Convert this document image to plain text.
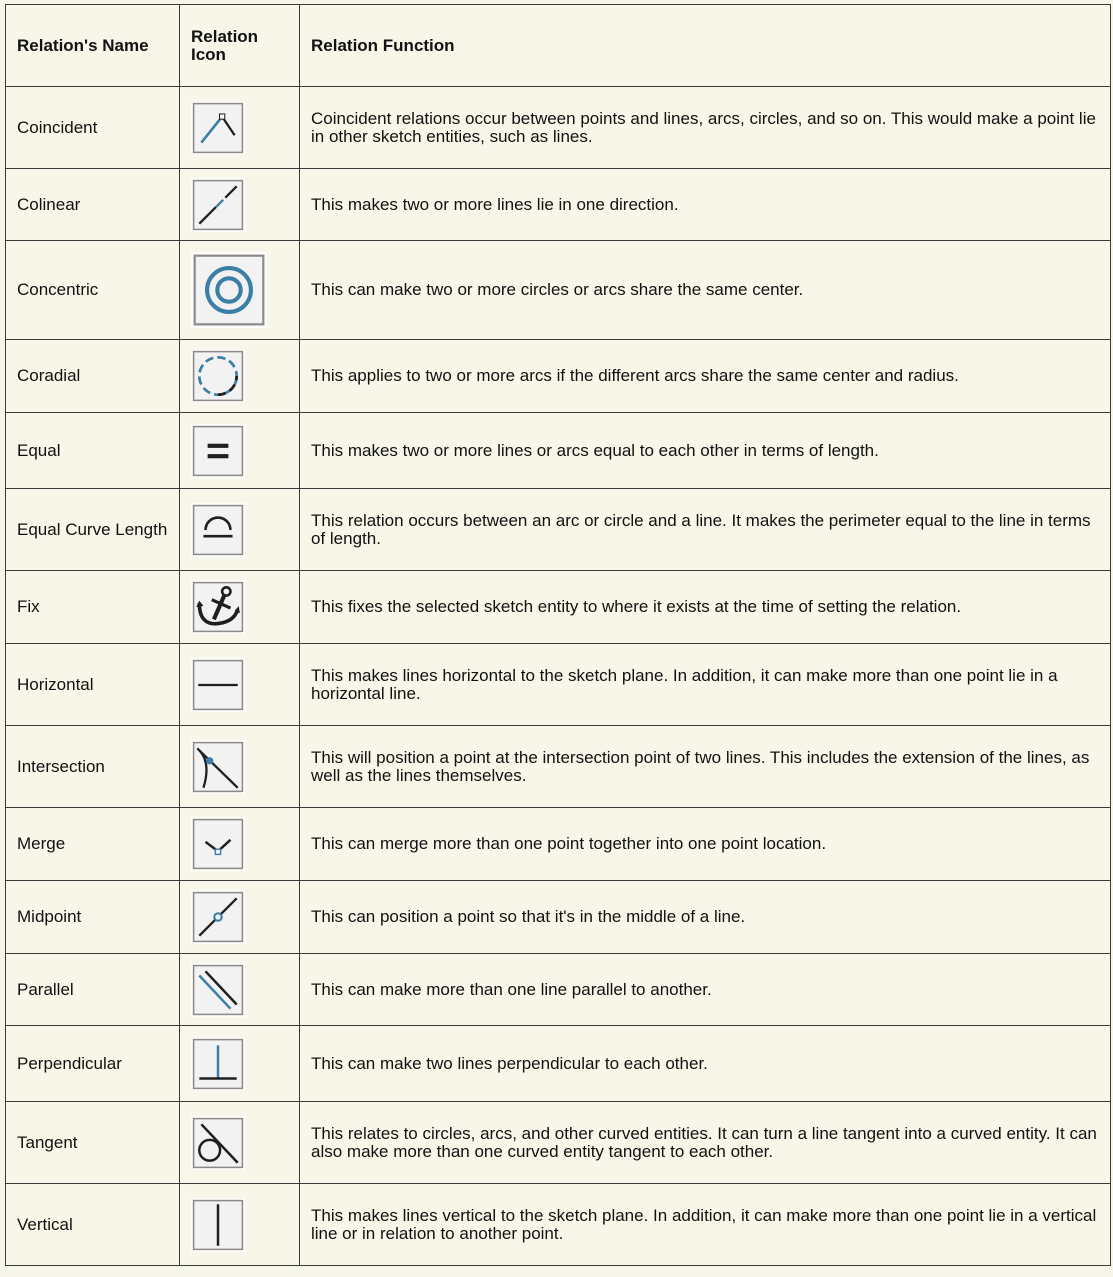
Relation's Name	Relation Icon	Relation Function
Coincident		Coincident relations occur between points and lines, arcs, circles, and so on. This would make a point lie in other sketch entities, such as lines.
Colinear		This makes two or more lines lie in one direction.
Concentric		This can make two or more circles or arcs share the same center.
Coradial		This applies to two or more arcs if the different arcs share the same center and radius.
Equal		This makes two or more lines or arcs equal to each other in terms of length.
Equal Curve Length		This relation occurs between an arc or circle and a line. It makes the perimeter equal to the line in terms of length.
Fix		This fixes the selected sketch entity to where it exists at the time of setting the relation.
Horizontal		This makes lines horizontal to the sketch plane. In addition, it can make more than one point lie in a horizontal line.
Intersection		This will position a point at the intersection point of two lines. This includes the extension of the lines, as well as the lines themselves.
Merge		This can merge more than one point together into one point location.
Midpoint		This can position a point so that it's in the middle of a line.
Parallel		This can make more than one line parallel to another.
Perpendicular		This can make two lines perpendicular to each other.
Tangent		This relates to circles, arcs, and other curved entities. It can turn a line tangent into a curved entity. It can also make more than one curved entity tangent to each other.
Vertical		This makes lines vertical to the sketch plane. In addition, it can make more than one point lie in a vertical line or in relation to another point.
